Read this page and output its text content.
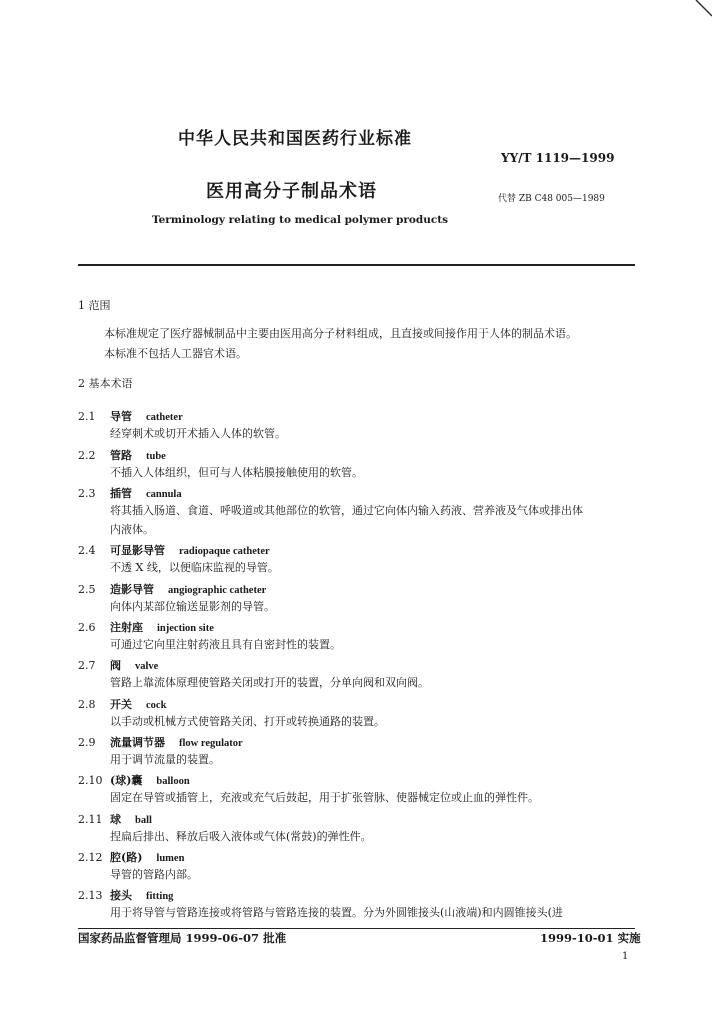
中华人民共和国医药行业标准
YY/T 1119—1999
医用高分子制品术语	代替 ZB C48 005—1989
Terminology relating to medical polymer products
1 范围
本标准规定了医疗器械制品中主要由医用高分子材料组成，且直接或间接作用于人体的制品术语。
本标准不包括人工器官术语。
2 基本术语
2.1 导管 catheter
经穿刺术或切开术插入人体的软管。
2.2 管路 tube
不插入人体组织，但可与人体粘膜接触使用的软管。
2.3 插管 cannula
将其插入肠道、食道、呼吸道或其他部位的软管，通过它向体内输入药液、营养液及气体或排出体
内液体。
2.4 可显影导管 radiopaque catheter
不透 X 线，以便临床监视的导管。
2.5 造影导管 angiographic catheter
向体内某部位输送显影剂的导管。
2.6 注射座 injection site
可通过它向里注射药液且具有自密封性的装置。
2.7 阀 valve
管路上靠流体原理使管路关闭或打开的装置，分单向阀和双向阀。
2.8 开关 cock
以手动或机械方式使管路关闭、打开或转换通路的装置。
2.9 流量调节器 flow regulator
用于调节流量的装置。
2.10 (球)囊 balloon
固定在导管或插管上，充液或充气后鼓起，用于扩张管脉、使器械定位或止血的弹性件。
2.11 球 ball
捏扁后排出、释放后吸入液体或气体(常鼓)的弹性件。
2.12 腔(路) lumen
导管的管路内部。
2.13 接头 fitting
用于将导管与管路连接或将管路与管路连接的装置。分为外圆锥接头(山液端)和内圆锥接头(进
国家药品监督管理局 1999-06-07 批准	1999-10-01 实施
1
